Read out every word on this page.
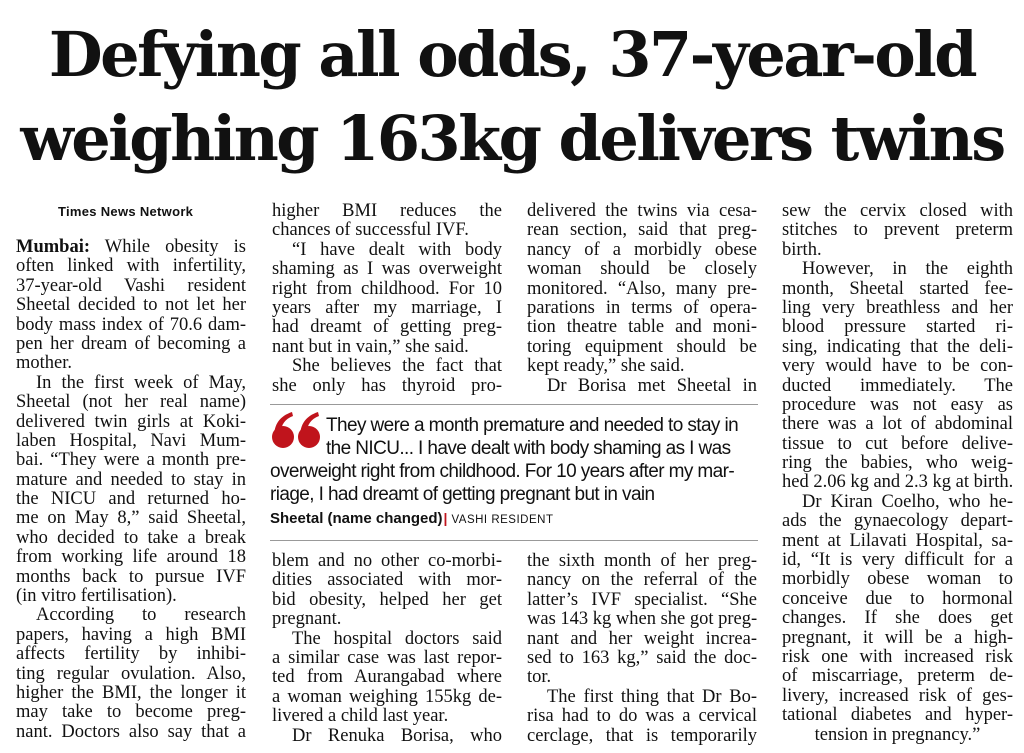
Defying all odds, 37-year-old
weighing 163kg delivers twins
Times News Network
Mumbai: While obesity is
often linked with infertility,
37-year-old Vashi resident
Sheetal decided to not let her
body mass index of 70.6 dam-
pen her dream of becoming a
mother.
In the first week of May,
Sheetal (not her real name)
delivered twin girls at Koki-
laben Hospital, Navi Mum-
bai. “They were a month pre-
mature and needed to stay in
the NICU and returned ho-
me on May 8,” said Sheetal,
who decided to take a break
from working life around 18
months back to pursue IVF
(in vitro fertilisation).
According to research
papers, having a high BMI
affects fertility by inhibi-
ting regular ovulation. Also,
higher the BMI, the longer it
may take to become preg-
nant. Doctors also say that a
higher BMI reduces the
chances of successful IVF.
“I have dealt with body
shaming as I was overweight
right from childhood. For 10
years after my marriage, I
had dreamt of getting preg-
nant but in vain,” she said.
She believes the fact that
she only has thyroid pro-
delivered the twins via cesa-
rean section, said that preg-
nancy of a morbidly obese
woman should be closely
monitored. “Also, many pre-
parations in terms of opera-
tion theatre table and moni-
toring equipment should be
kept ready,” she said.
Dr Borisa met Sheetal in
They were a month premature and needed to stay in
the NICU... I have dealt with body shaming as I was
overweight right from childhood. For 10 years after my mar-
riage, I had dreamt of getting pregnant but in vain
Sheetal (name changed)| VASHI RESIDENT
blem and no other co-morbi-
dities associated with mor-
bid obesity, helped her get
pregnant.
The hospital doctors said
a similar case was last repor-
ted from Aurangabad where
a woman weighing 155kg de-
livered a child last year.
Dr Renuka Borisa, who
the sixth month of her preg-
nancy on the referral of the
latter’s IVF specialist. “She
was 143 kg when she got preg-
nant and her weight increa-
sed to 163 kg,” said the doc-
tor.
The first thing that Dr Bo-
risa had to do was a cervical
cerclage, that is temporarily
sew the cervix closed with
stitches to prevent preterm
birth.
However, in the eighth
month, Sheetal started fee-
ling very breathless and her
blood pressure started ri-
sing, indicating that the deli-
very would have to be con-
ducted immediately. The
procedure was not easy as
there was a lot of abdominal
tissue to cut before delive-
ring the babies, who weig-
hed 2.06 kg and 2.3 kg at birth.
Dr Kiran Coelho, who he-
ads the gynaecology depart-
ment at Lilavati Hospital, sa-
id, “It is very difficult for a
morbidly obese woman to
conceive due to hormonal
changes. If she does get
pregnant, it will be a high-
risk one with increased risk
of miscarriage, preterm de-
livery, increased risk of ges-
tational diabetes and hyper-
tension in pregnancy.”
